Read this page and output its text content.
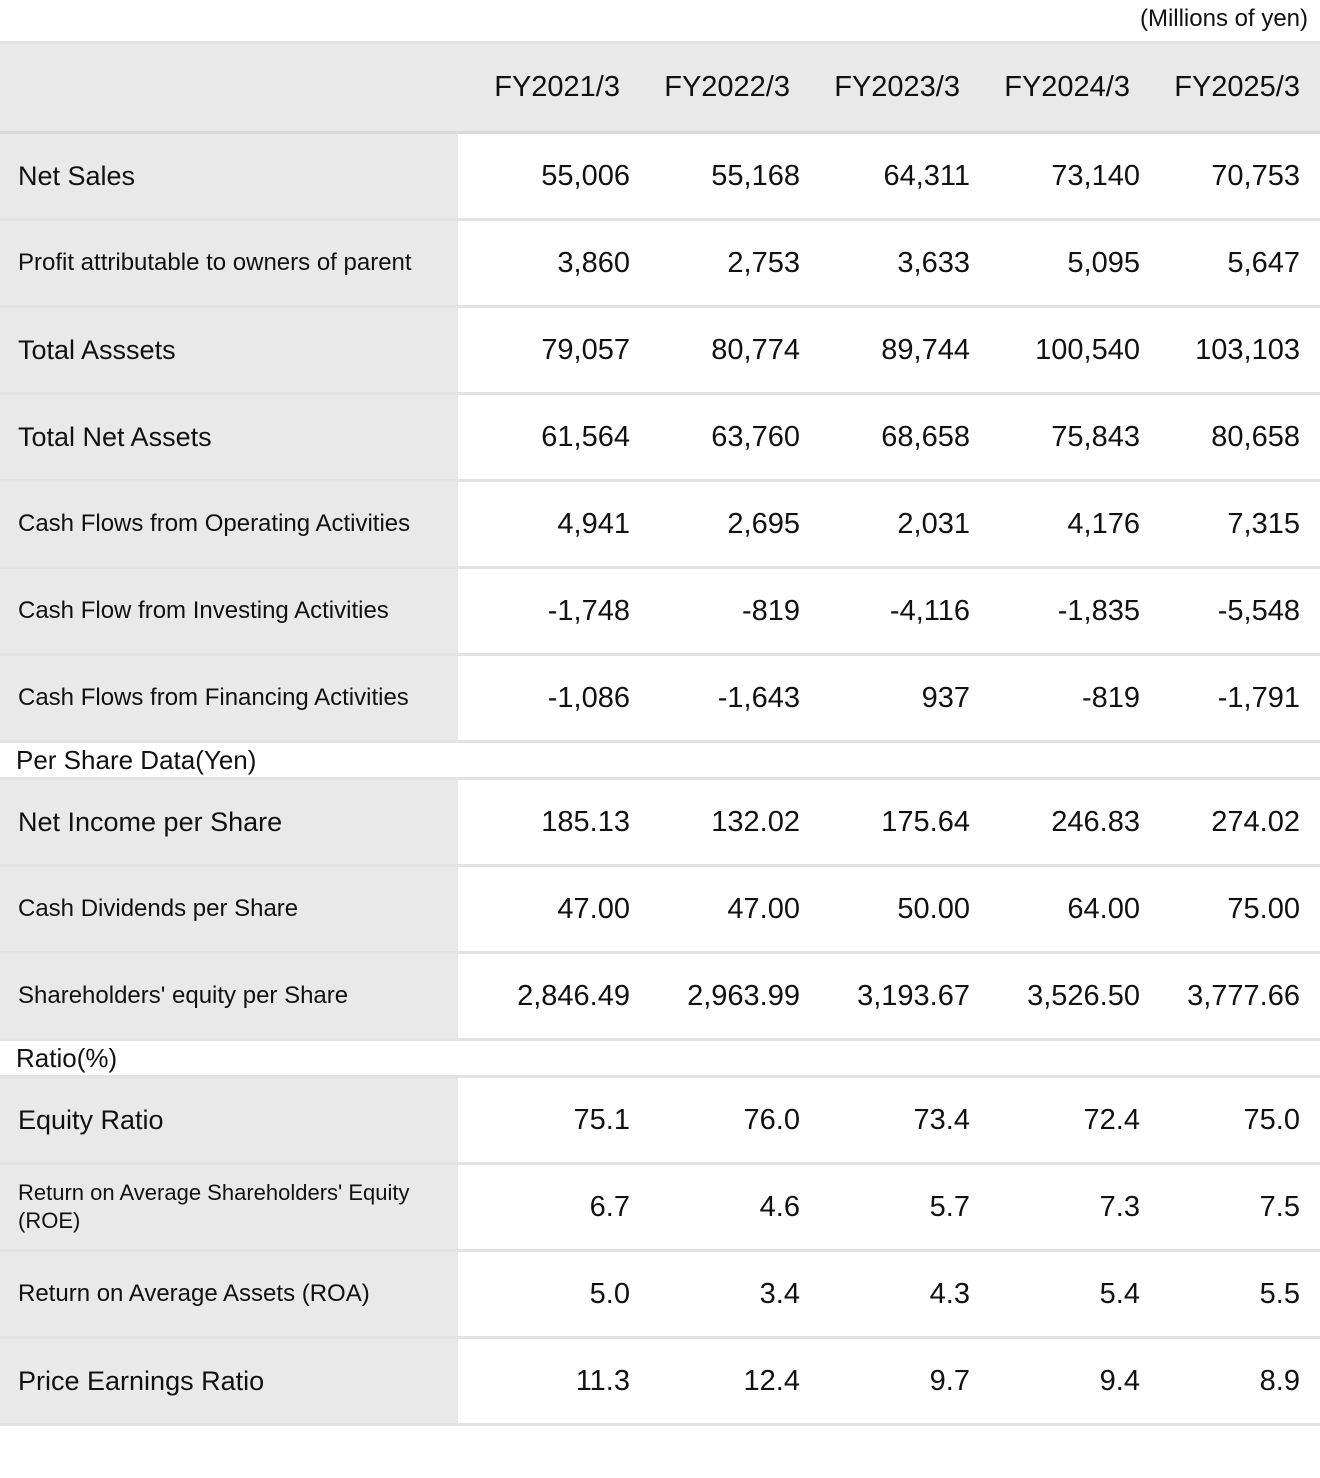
(Millions of yen)
	FY2021/3	FY2022/3	FY2023/3	FY2024/3	FY2025/3
Net Sales	55,006	55,168	64,311	73,140	70,753
Profit attributable to owners of parent	3,860	2,753	3,633	5,095	5,647
Total Asssets	79,057	80,774	89,744	100,540	103,103
Total Net Assets	61,564	63,760	68,658	75,843	80,658
Cash Flows from Operating Activities	4,941	2,695	2,031	4,176	7,315
Cash Flow from Investing Activities	-1,748	-819	-4,116	-1,835	-5,548
Cash Flows from Financing Activities	-1,086	-1,643	937	-819	-1,791
Per Share Data(Yen)					
Net Income per Share	185.13	132.02	175.64	246.83	274.02
Cash Dividends per Share	47.00	47.00	50.00	64.00	75.00
Shareholders' equity per Share	2,846.49	2,963.99	3,193.67	3,526.50	3,777.66
Ratio(%)					
Equity Ratio	75.1	76.0	73.4	72.4	75.0
Return on Average Shareholders' Equity (ROE)	6.7	4.6	5.7	7.3	7.5
Return on Average Assets (ROA)	5.0	3.4	4.3	5.4	5.5
Price Earnings Ratio	11.3	12.4	9.7	9.4	8.9
